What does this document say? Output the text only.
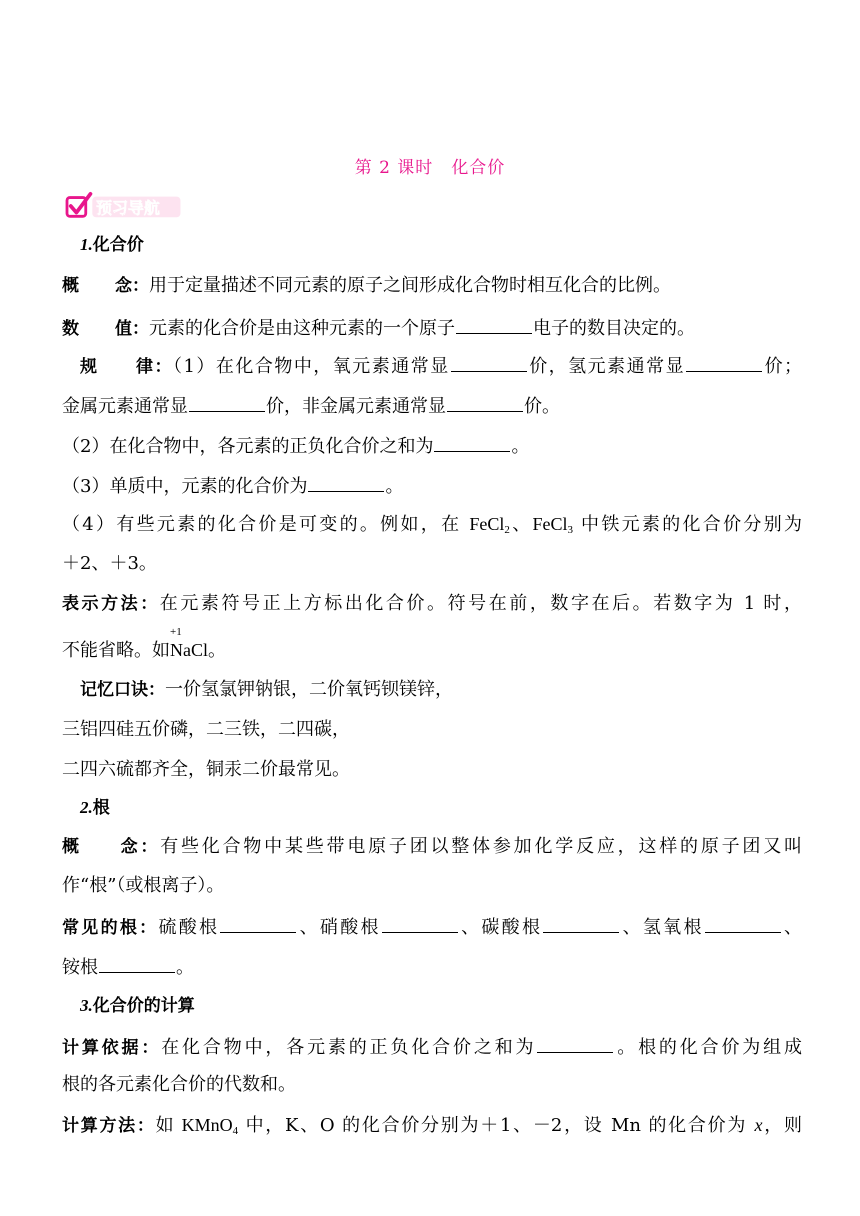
第 2 课时 化合价
预习导航
1.化合价
概 念：用于定量描述不同元素的原子之间形成化合物时相互化合的比例。
数 值：元素的化合价是由这种元素的一个原子	电子的数目决定的。
规 律：（1）在化合物中，氧元素通常显	价，氢元素通常显	价；
金属元素通常显	价，非金属元素通常显	价。
（2）在化合物中，各元素的正负化合价之和为	。
（3）单质中，元素的化合价为	。
（4）有些元素的化合价是可变的。例如，在 FeCl$_2$、FeCl$_3$ 中铁元素的化合价分别为
＋2、＋3。
表示方法：在元素符号正上方标出化合价。符号在前，数字在后。若数字为 1 时，
不能省略。如
+1
NaCl。
记忆口诀：一价氢氯钾钠银，二价氧钙钡镁锌，
三铝四硅五价磷，二三铁，二四碳，
二四六硫都齐全，铜汞二价最常见。
2.根
概 念：有些化合物中某些带电原子团以整体参加化学反应，这样的原子团又叫
作“根”（或根离子）。
常见的根：硫酸根	、硝酸根	、碳酸根	、氢氧根	、
铵根	。
3.化合价的计算
计算依据：在化合物中，各元素的正负化合价之和为	。根的化合价为组成
根的各元素化合价的代数和。
计算方法：如 KMnO$_4$ 中，K、O 的化合价分别为＋1、－2，设 Mn 的化合价为 x，则
